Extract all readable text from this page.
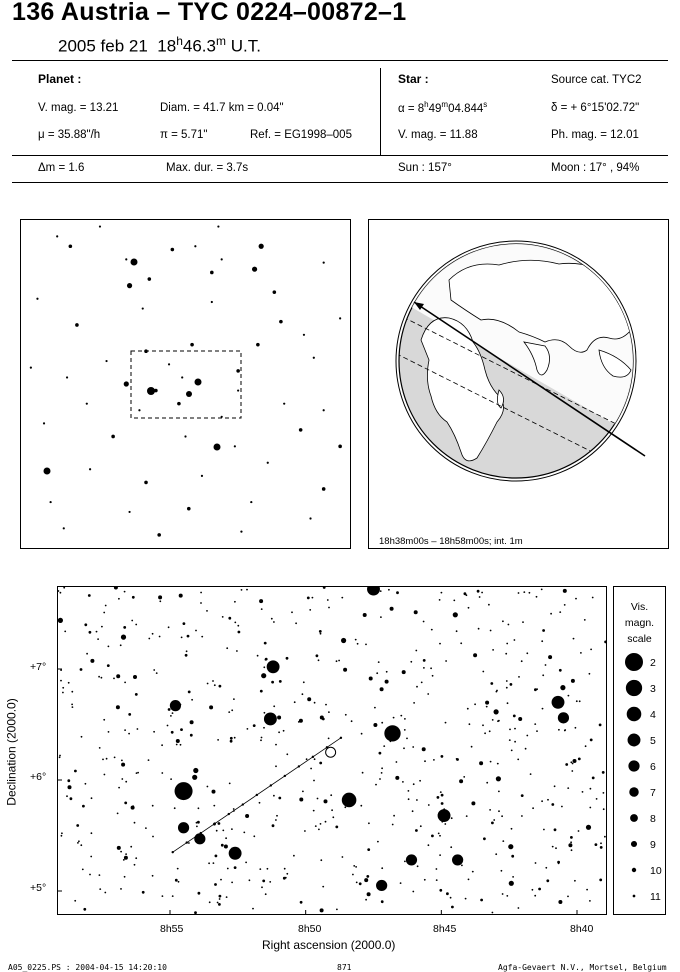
136 Austria – TYC 0224–00872–1
2005 feb 21 18$^h$46.3$^m$ U.T.
Planet :
V. mag. = 13.21	Diam. = 41.7 km = 0.04"
μ = 35.88"/h	π = 5.71"	Ref. = EG1998–005
Star :	Source cat. TYC2
$\alpha = 8^h49^m04.844^s$	δ = + 6°15'02.72"
V. mag. = 11.88	Ph. mag. = 12.01
Δm = 1.6	Max. dur. = 3.7s	Sun : 157°	Moon : 17° , 94%
18h38m00s – 18h58m00s; int. 1m
Declination (2000.0)
+7°
+6°
+5°
8h55	8h50	8h45	8h40
Right ascension (2000.0)
Vis.
magn.
scale
2
3
4
5
6
7
8
9
10
11
A05_0225.PS : 2004-04-15 14:20:10	871	Agfa-Gevaert N.V., Mortsel, Belgium
